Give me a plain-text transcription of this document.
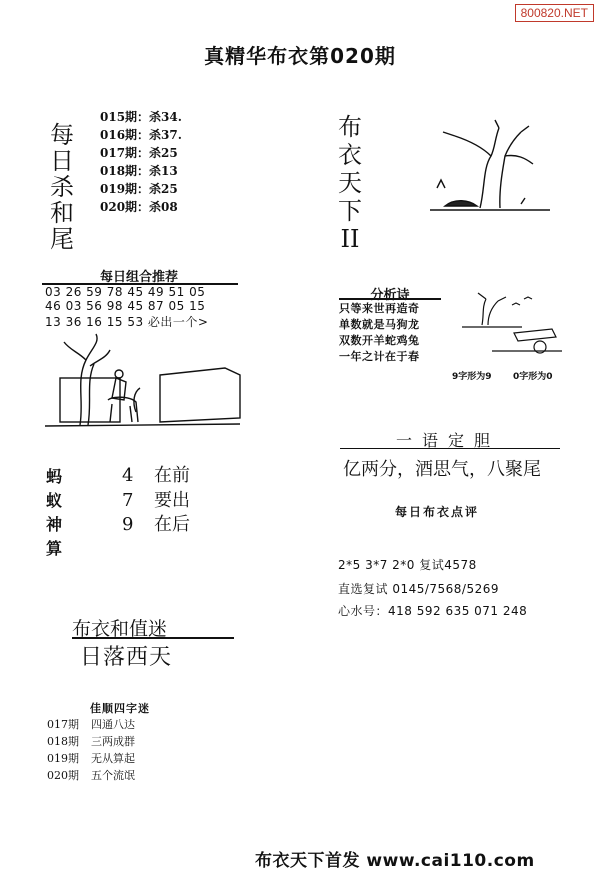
800820.NET
真精华布衣第020期
每
日
杀
和
尾
015期：杀34.
016期：杀37.
017期：杀25
018期：杀13
019期：杀25
020期：杀08
每日组合推荐
03 26 59 78 45 49 51 05
46 03 56 98 45 87 05 15
13 36 16 15 53 必出一个>
蚂
蚁
神
算
4 在前
7 要出
9 在后
布
衣
天
下
II
分析诗
只等来世再造奇
单数就是马狗龙
双数开羊蛇鸡兔
一年之计在于春
9字形为9 0字形为0
一语定胆
亿两分，酒思气，八聚尾
每日布衣点评
2*5 3*7 2*0 复试4578
直选复试 0145/7568/5269
心水号：418 592 635 071 248
布衣和值迷
日落西天
佳顺四字迷
017期 四通八达
018期 三两成群
019期 无从算起
020期 五个流氓
布衣天下首发 www.cai110.com
